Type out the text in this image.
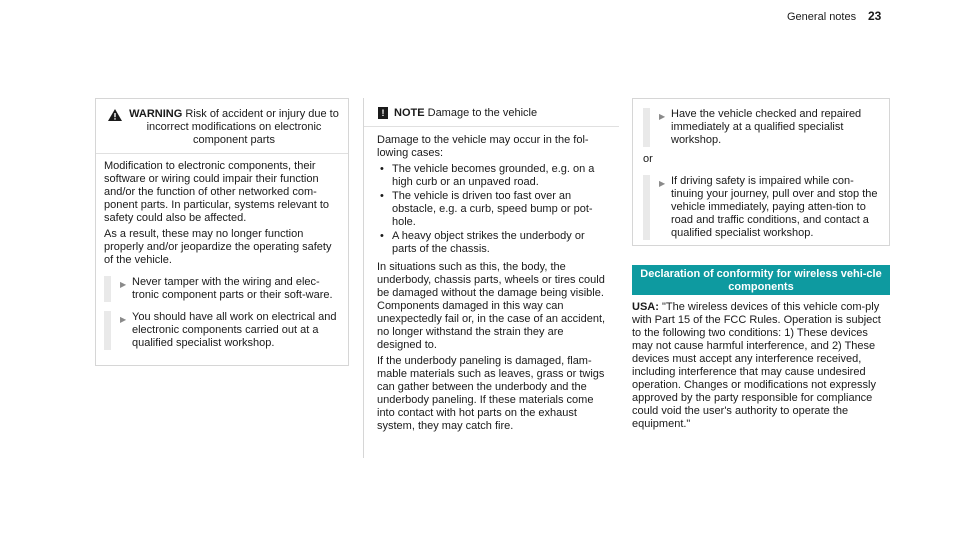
General notes 23
WARNING Risk of accident or injury due to incorrect modifications on electronic component parts

Modification to electronic components, their software or wiring could impair their function and/or the function of other networked com-ponent parts. In particular, systems relevant to safety could also be affected.

As a result, these may no longer function properly and/or jeopardize the operating safety of the vehicle.

▶ Never tamper with the wiring and elec-tronic component parts or their soft-ware.
▶ You should have all work on electrical and electronic components carried out at a qualified specialist workshop.
! NOTE Damage to the vehicle

Damage to the vehicle may occur in the fol-lowing cases:

• The vehicle becomes grounded, e.g. on a high curb or an unpaved road.
• The vehicle is driven too fast over an obstacle, e.g. a curb, speed bump or pot-hole.
• A heavy object strikes the underbody or parts of the chassis.

In situations such as this, the body, the underbody, chassis parts, wheels or tires could be damaged without the damage being visible. Components damaged in this way can unexpectedly fail or, in the case of an accident, no longer withstand the strain they are designed to.

If the underbody paneling is damaged, flam-mable materials such as leaves, grass or twigs can gather between the underbody and the underbody paneling. If these materials come into contact with hot parts on the exhaust system, they may catch fire.

▶ Have the vehicle checked and repaired immediately at a qualified specialist workshop.
or
▶ If driving safety is impaired while con-tinuing your journey, pull over and stop the vehicle immediately, paying atten-tion to road and traffic conditions, and contact a qualified specialist workshop.
Declaration of conformity for wireless vehi-cle components
USA: "The wireless devices of this vehicle com-ply with Part 15 of the FCC Rules. Operation is subject to the following two conditions: 1) These devices may not cause harmful interference, and 2) These devices must accept any interference received, including interference that may cause undesired operation. Changes or modifications not expressly approved by the party responsible for compliance could void the user's authority to operate the equipment."
